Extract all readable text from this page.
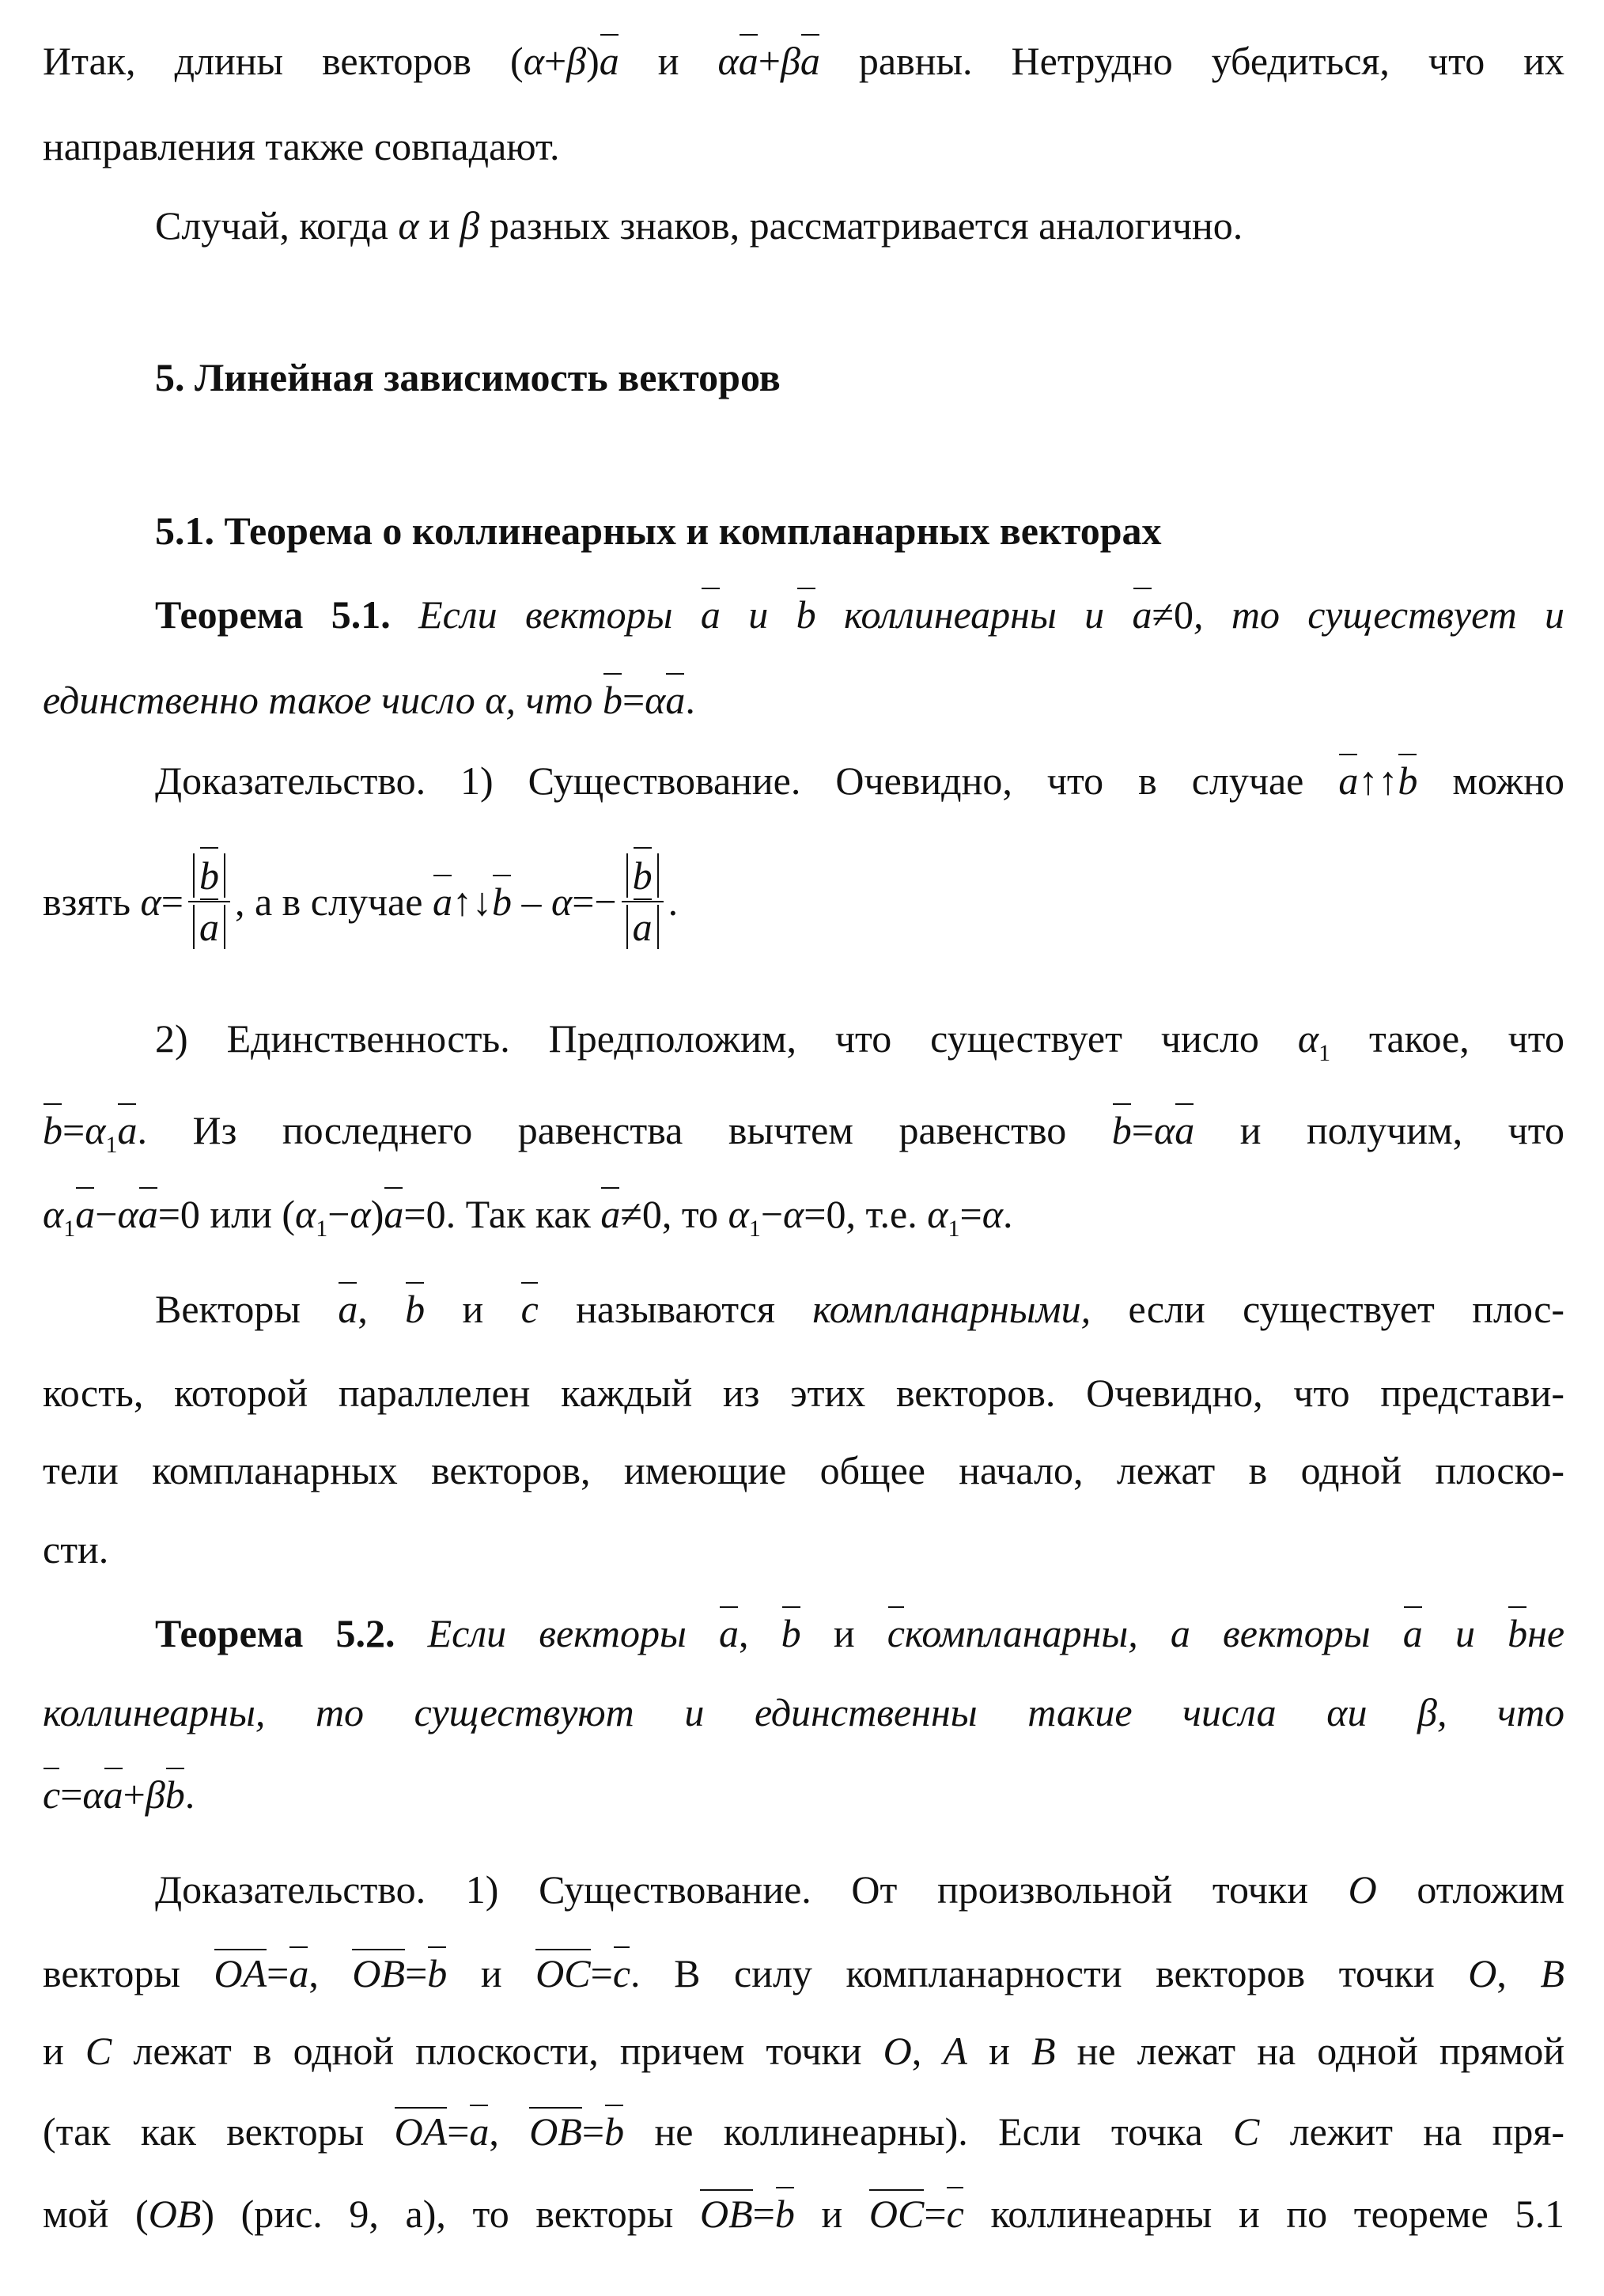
Итак, длины векторов (α+β)a и αa+βa равны. Нетрудно убедиться, что их

направления также совпадают.

Случай, когда α и β разных знаков, рассматривается аналогично.

5. Линейная зависимость векторов

5.1. Теорема о коллинеарных и компланарных векторах

Теорема 5.1. Если векторы a и b коллинеарны и a≠0, то существует и

единственно такое число α, что b=αa.

Доказательство. 1) Существование. Очевидно, что в случае a↑↑b можно

взять
$\alpha = \frac{b}{a}$ , а в случае
a ↑↓ b
–
α = − $\frac{b}{a}$ .

2) Единственность. Предположим, что существует число $\alpha_1$ такое, что

$b=\alpha_1a$. Из последнего равенства вычтем равенство b=αa и получим, что

$\alpha_1a-\alpha a=0$ или $(\alpha_1-\alpha)a=0$. Так как a≠0, то $\alpha_1-\alpha=0$, т.е. $\alpha_1=\alpha$.

Векторы a, b и c называются компланарными, если существует плос-

кость, которой параллелен каждый из этих векторов. Очевидно, что представи-

тели компланарных векторов, имеющие общее начало, лежат в одной плоско-

сти.

Теорема 5.2. Если векторы a, b и cкомпланарны, а векторы a и bне

коллинеарны, то существуют и единственны такие числа αи β, что

c=αa+βb.

Доказательство. 1) Существование. От произвольной точки O отложим

векторы OA=a, OB=b и OC=c. В силу компланарности векторов точки O, B

и C лежат в одной плоскости, причем точки O, A и B не лежат на одной прямой

(так как векторы OA=a, OB=b не коллинеарны). Если точка C лежит на пря-

мой (OB) (рис. 9, а), то векторы OB=b и OC=c коллинеарны и по теореме 5.1
